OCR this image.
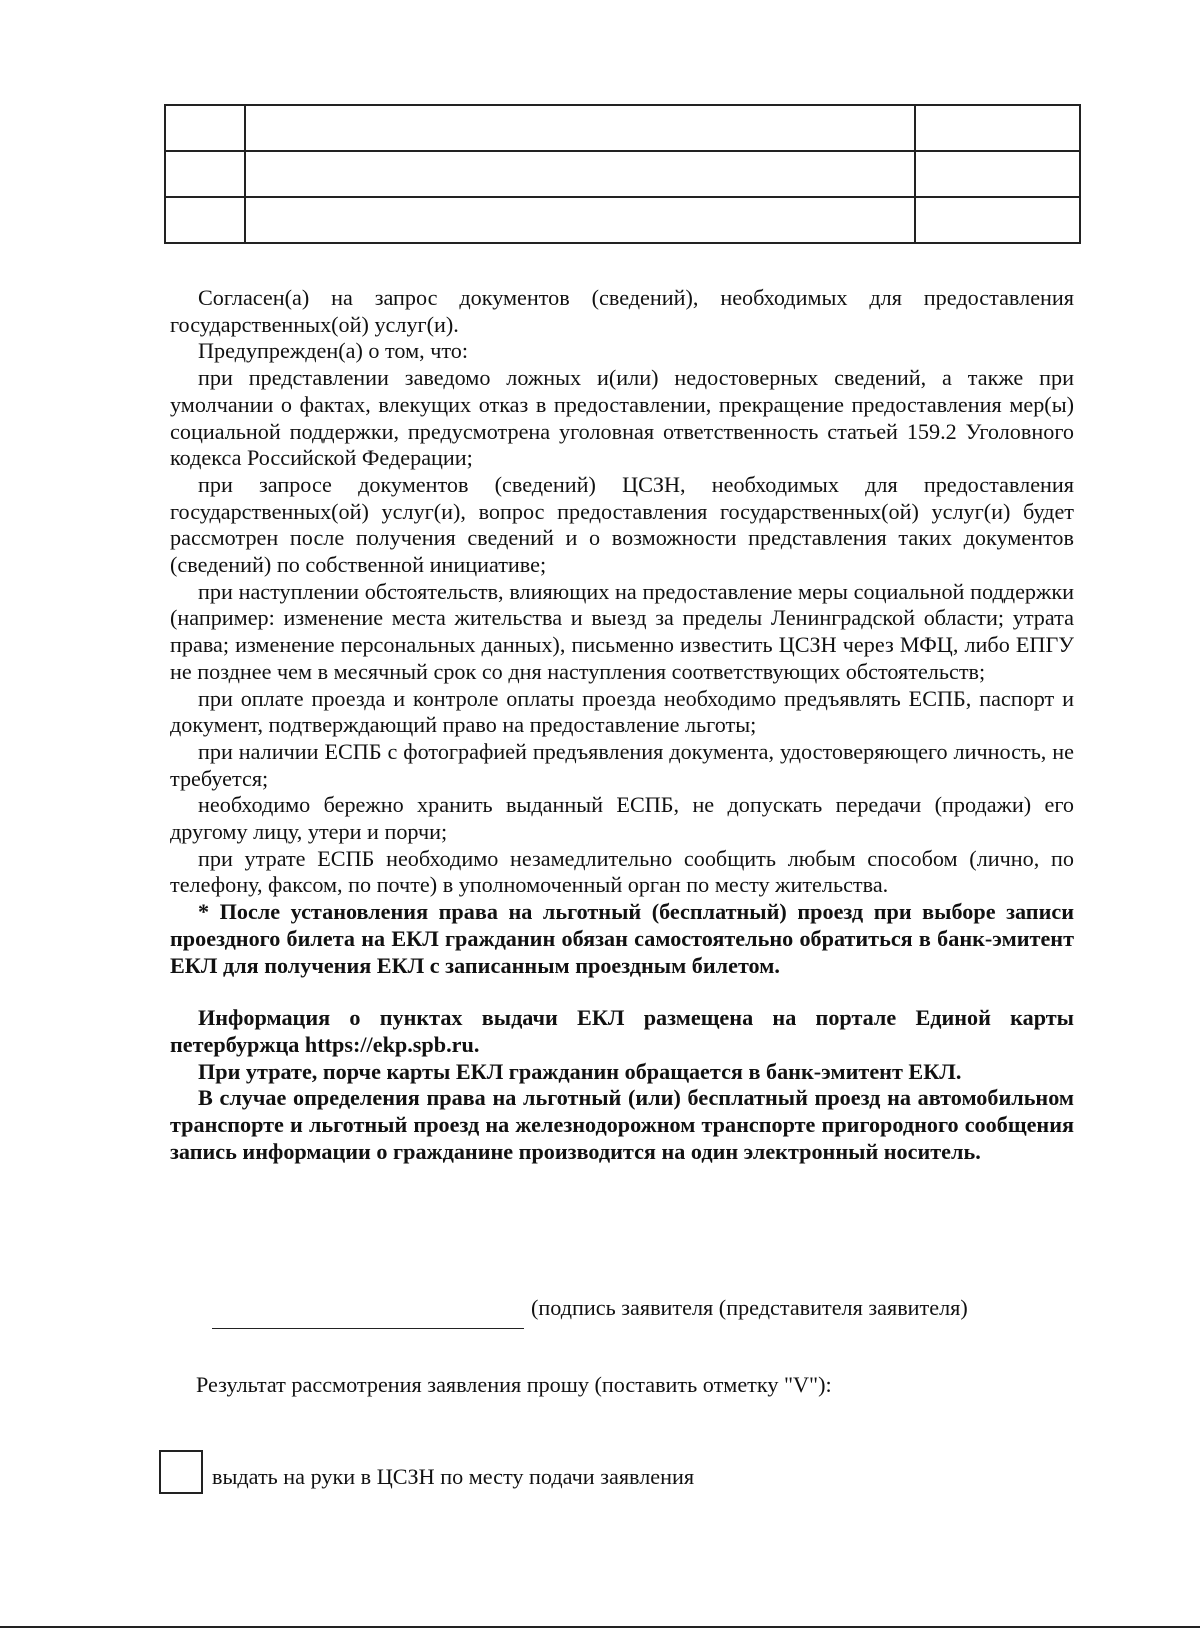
Согласен(а) на запрос документов (сведений), необходимых для предоставления государственных(ой) услуг(и).

Предупрежден(а) о том, что:

при представлении заведомо ложных и(или) недостоверных сведений, а также при умолчании о фактах, влекущих отказ в предоставлении, прекращение предоставления мер(ы) социальной поддержки, предусмотрена уголовная ответственность статьей 159.2 Уголовного кодекса Российской Федерации;

при запросе документов (сведений) ЦСЗН, необходимых для предоставления государственных(ой) услуг(и), вопрос предоставления государственных(ой) услуг(и) будет рассмотрен после получения сведений и о возможности представления таких документов (сведений) по собственной инициативе;

при наступлении обстоятельств, влияющих на предоставление меры социальной поддержки (например: изменение места жительства и выезд за пределы Ленинградской области; утрата права; изменение персональных данных), письменно известить ЦСЗН через МФЦ, либо ЕПГУ не позднее чем в месячный срок со дня наступления соответствующих обстоятельств;

при оплате проезда и контроле оплаты проезда необходимо предъявлять ЕСПБ, паспорт и документ, подтверждающий право на предоставление льготы;

при наличии ЕСПБ с фотографией предъявления документа, удостоверяющего личность, не требуется;

необходимо бережно хранить выданный ЕСПБ, не допускать передачи (продажи) его другому лицу, утери и порчи;

при утрате ЕСПБ необходимо незамедлительно сообщить любым способом (лично, по телефону, факсом, по почте) в уполномоченный орган по месту жительства.

* После установления права на льготный (бесплатный) проезд при выборе записи проездного билета на ЕКЛ гражданин обязан самостоятельно обратиться в банк-эмитент ЕКЛ для получения ЕКЛ с записанным проездным билетом.

Информация о пунктах выдачи ЕКЛ размещена на портале Единой карты петербуржца https://ekp.spb.ru.

При утрате, порче карты ЕКЛ гражданин обращается в банк-эмитент ЕКЛ.

В случае определения права на льготный (или) бесплатный проезд на автомобильном транспорте и льготный проезд на железнодорожном транспорте пригородного сообщения запись информации о гражданине производится на один электронный носитель.

(подпись заявителя (представителя заявителя)
Результат рассмотрения заявления прошу (поставить отметку "V"):
выдать на руки в ЦСЗН по месту подачи заявления
